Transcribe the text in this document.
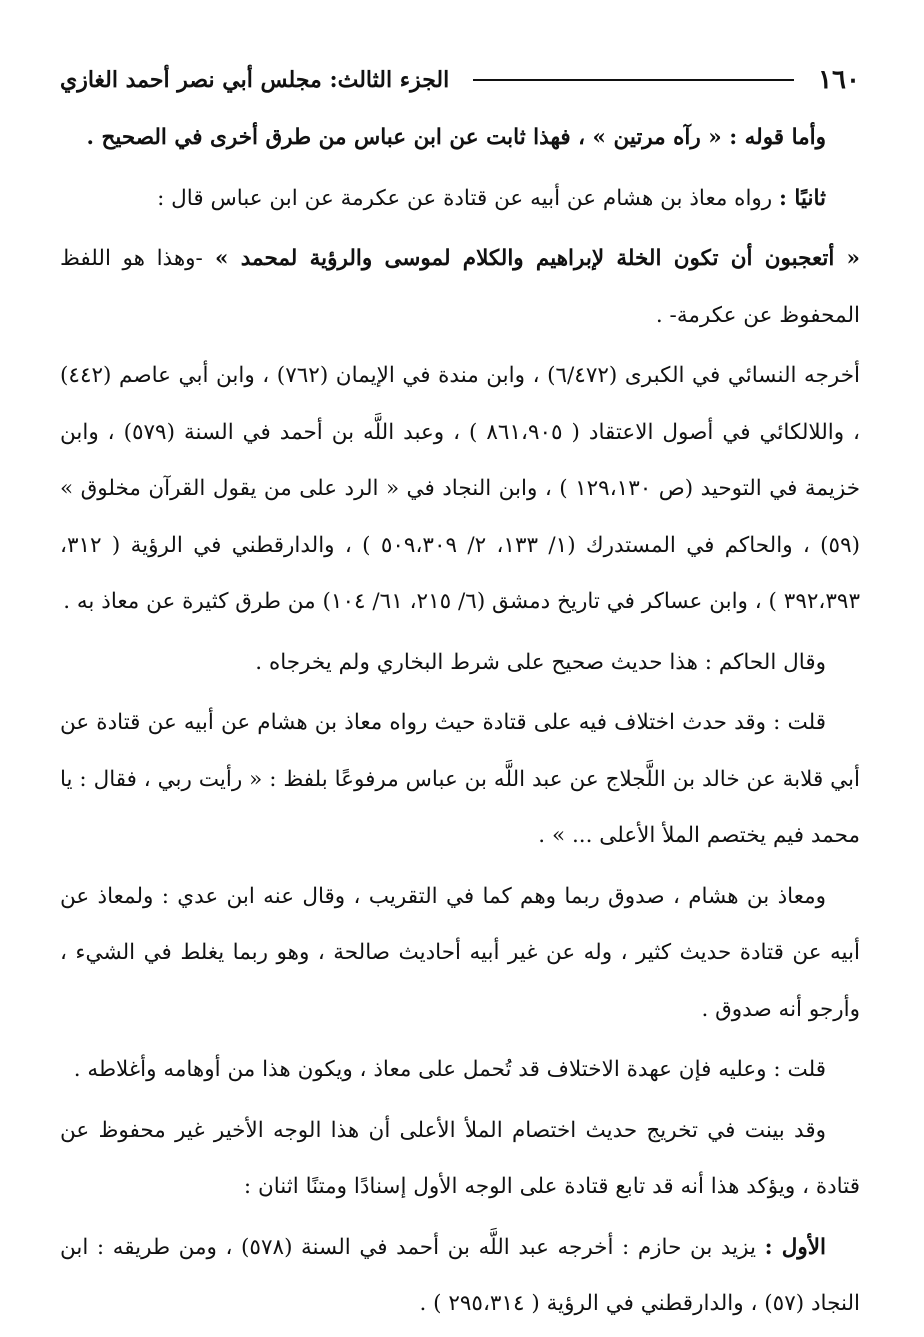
١٦٠
الجزء الثالث: مجلس أبي نصر أحمد الغازي

وأما قوله : « رآه مرتين » ، فهذا ثابت عن ابن عباس من طرق أخرى في الصحيح .

ثانيًا : رواه معاذ بن هشام عن أبيه عن قتادة عن عكرمة عن ابن عباس قال :

« أتعجبون أن تكون الخلة لإبراهيم والكلام لموسى والرؤية لمحمد » -وهذا هو اللفظ المحفوظ عن عكرمة- .

أخرجه النسائي في الكبرى (٦/٤٧٢) ، وابن مندة في الإيمان (٧٦٢) ، وابن أبي عاصم (٤٤٢) ، واللالكائي في أصول الاعتقاد ( ٨٦١،٩٠٥ ) ، وعبد اللَّه بن أحمد في السنة (٥٧٩) ، وابن خزيمة في التوحيد (ص ١٢٩،١٣٠ ) ، وابن النجاد في « الرد على من يقول القرآن مخلوق » (٥٩) ، والحاكم في المستدرك (١/ ١٣٣، ٢/ ٥٠٩،٣٠٩ ) ، والدارقطني في الرؤية ( ٣١٢، ٣٩٢،٣٩٣ ) ، وابن عساكر في تاريخ دمشق (٦/ ٢١٥، ٦١/ ١٠٤) من طرق كثيرة عن معاذ به .

وقال الحاكم : هذا حديث صحيح على شرط البخاري ولم يخرجاه .

قلت : وقد حدث اختلاف فيه على قتادة حيث رواه معاذ بن هشام عن أبيه عن قتادة عن أبي قلابة عن خالد بن اللَّجلاج عن عبد اللَّه بن عباس مرفوعًا بلفظ : « رأيت ربي ، فقال : يا محمد فيم يختصم الملأ الأعلى ... » .

ومعاذ بن هشام ، صدوق ربما وهم كما في التقريب ، وقال عنه ابن عدي : ولمعاذ عن أبيه عن قتادة حديث كثير ، وله عن غير أبيه أحاديث صالحة ، وهو ربما يغلط في الشيء ، وأرجو أنه صدوق .

قلت : وعليه فإن عهدة الاختلاف قد تُحمل على معاذ ، ويكون هذا من أوهامه وأغلاطه .

وقد بينت في تخريج حديث اختصام الملأ الأعلى أن هذا الوجه الأخير غير محفوظ عن قتادة ، ويؤكد هذا أنه قد تابع قتادة على الوجه الأول إسنادًا ومتنًا اثنان :

الأول : يزيد بن حازم : أخرجه عبد اللَّه بن أحمد في السنة (٥٧٨) ، ومن طريقه : ابن النجاد (٥٧) ، والدارقطني في الرؤية ( ٢٩٥،٣١٤ ) .
